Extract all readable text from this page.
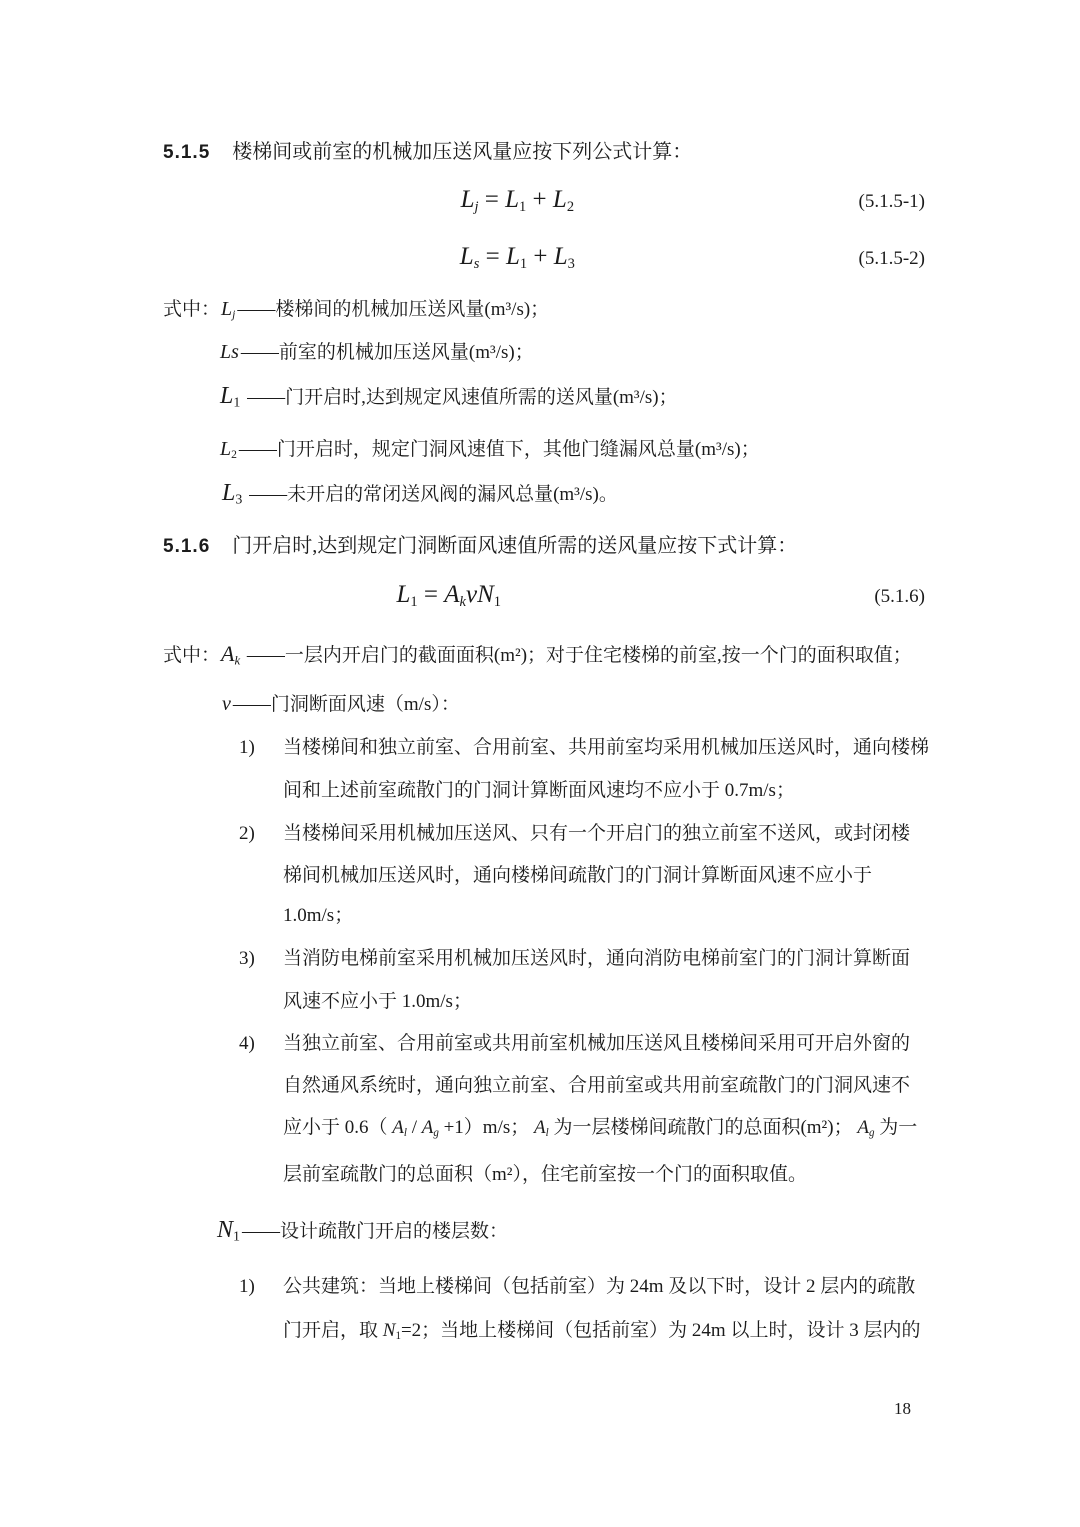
5.1.5 楼梯间或前室的机械加压送风量应按下列公式计算：
Lj = L1 + L2	(5.1.5-1)
Ls = L1 + L3	(5.1.5-2)
式中：Lj ——楼梯间的机械加压送风量(m³/s)；
Ls ——前室的机械加压送风量(m³/s)；
L1 ——门开启时,达到规定风速值所需的送风量(m³/s)；
L2 ——门开启时，规定门洞风速值下，其他门缝漏风总量(m³/s)；
L3 ——未开启的常闭送风阀的漏风总量(m³/s)。
5.1.6 门开启时,达到规定门洞断面风速值所需的送风量应按下式计算：
L1 = AkvN1	(5.1.6)
式中：Ak ——一层内开启门的截面面积(m²)；对于住宅楼梯的前室,按一个门的面积取值；
v ——门洞断面风速（m/s）：
1) 当楼梯间和独立前室、合用前室、共用前室均采用机械加压送风时，通向楼梯
间和上述前室疏散门的门洞计算断面风速均不应小于 0.7m/s；
2) 当楼梯间采用机械加压送风、只有一个开启门的独立前室不送风，或封闭楼
梯间机械加压送风时，通向楼梯间疏散门的门洞计算断面风速不应小于
1.0m/s；
3) 当消防电梯前室采用机械加压送风时，通向消防电梯前室门的门洞计算断面
风速不应小于 1.0m/s；
4) 当独立前室、合用前室或共用前室机械加压送风且楼梯间采用可开启外窗的
自然通风系统时，通向独立前室、合用前室或共用前室疏散门的门洞风速不
应小于 0.6（ Al / Ag +1）m/s； Al 为一层楼梯间疏散门的总面积(m²)； Ag 为一
层前室疏散门的总面积（m²），住宅前室按一个门的面积取值。
N1 ——设计疏散门开启的楼层数：
1) 公共建筑：当地上楼梯间（包括前室）为 24m 及以下时，设计 2 层内的疏散
门开启，取 N1=2；当地上楼梯间（包括前室）为 24m 以上时，设计 3 层内的
18
